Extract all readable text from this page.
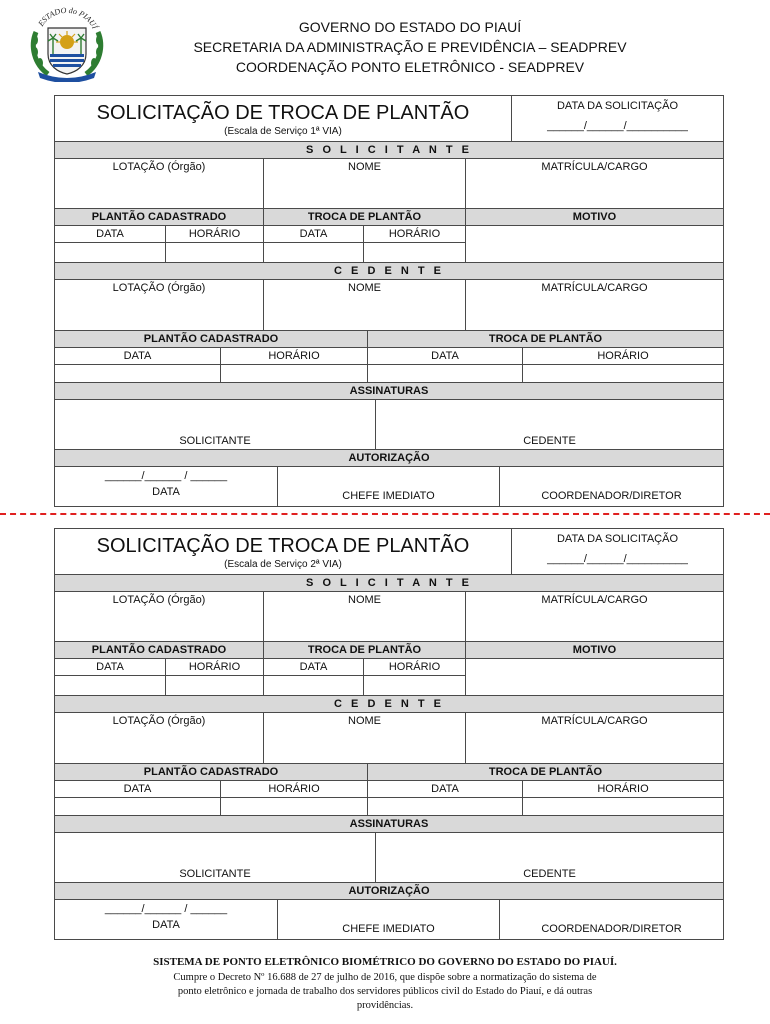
ESTADO do PIAUÍ	GOVERNO DO ESTADO DO PIAUÍ
SECRETARIA DA ADMINISTRAÇÃO E PREVIDÊNCIA – SEADPREV
COORDENAÇÃO PONTO ELETRÔNICO - SEADPREV
SOLICITAÇÃO DE TROCA DE PLANTÃO
(Escala de Serviço 1ª VIA)
DATA DA SOLICITAÇÃO
______/______/__________
S O L I C I T A N T E
LOTAÇÃO (Órgão)	NOME	MATRÍCULA/CARGO
PLANTÃO CADASTRADO	TROCA DE PLANTÃO	MOTIVO
DATA	HORÁRIO	DATA	HORÁRIO
C E D E N T E
LOTAÇÃO (Órgão)	NOME	MATRÍCULA/CARGO
PLANTÃO CADASTRADO	TROCA DE PLANTÃO
DATA	HORÁRIO	DATA	HORÁRIO
ASSINATURAS
SOLICITANTE	CEDENTE
AUTORIZAÇÃO
______/______ / ______
DATA	CHEFE IMEDIATO	COORDENADOR/DIRETOR
SOLICITAÇÃO DE TROCA DE PLANTÃO
(Escala de Serviço 2ª VIA)
DATA DA SOLICITAÇÃO
______/______/__________
S O L I C I T A N T E
LOTAÇÃO (Órgão)	NOME	MATRÍCULA/CARGO
PLANTÃO CADASTRADO	TROCA DE PLANTÃO	MOTIVO
DATA	HORÁRIO	DATA	HORÁRIO
C E D E N T E
LOTAÇÃO (Órgão)	NOME	MATRÍCULA/CARGO
PLANTÃO CADASTRADO	TROCA DE PLANTÃO
DATA	HORÁRIO	DATA	HORÁRIO
ASSINATURAS
SOLICITANTE	CEDENTE
AUTORIZAÇÃO
______/______ / ______
DATA	CHEFE IMEDIATO	COORDENADOR/DIRETOR
SISTEMA DE PONTO ELETRÔNICO BIOMÉTRICO DO GOVERNO DO ESTADO DO PIAUÍ.
Cumpre o Decreto Nº 16.688 de 27 de julho de 2016, que dispõe sobre a normatização do sistema de
ponto eletrônico e jornada de trabalho dos servidores públicos civil do Estado do Piauí, e dá outras
providências.
